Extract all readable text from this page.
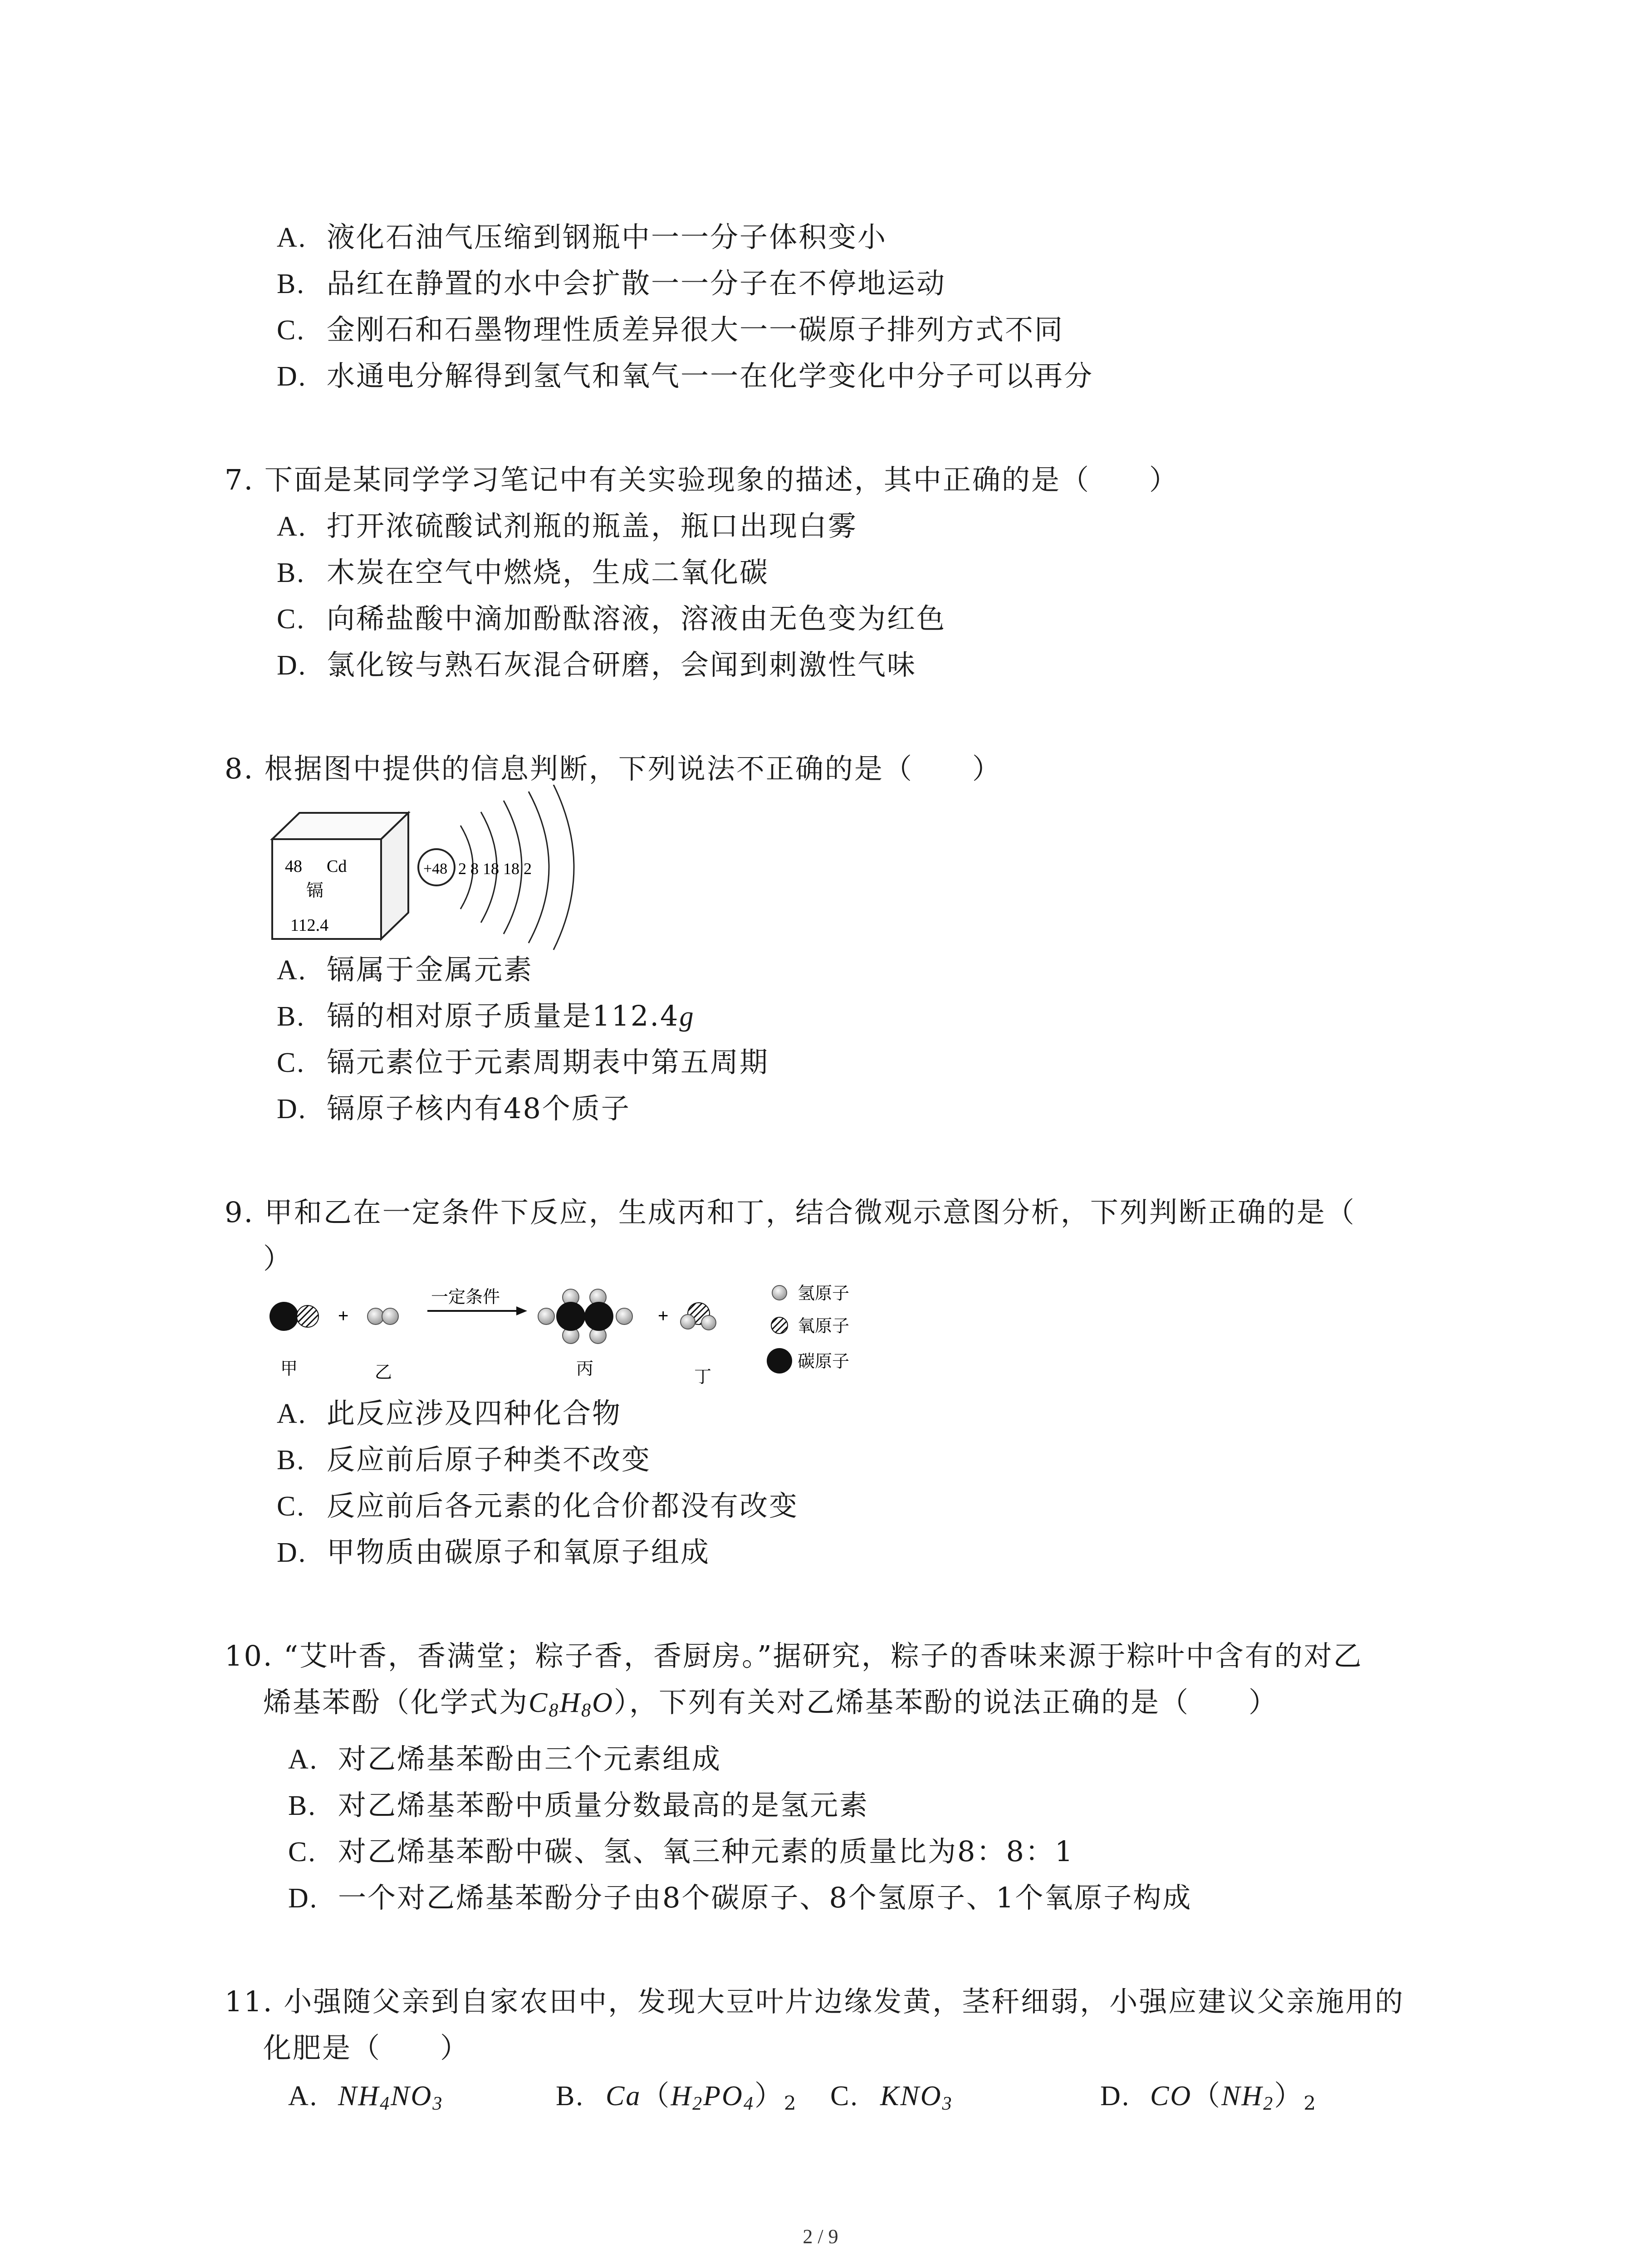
A. 液化石油气压缩到钢瓶中一一分子体积变小
B. 品红在静置的水中会扩散一一分子在不停地运动
C. 金刚石和石墨物理性质差异很大一一碳原子排列方式不同
D. 水通电分解得到氢气和氧气一一在化学变化中分子可以再分
7. 下面是某同学学习笔记中有关实验现象的描述，其中正确的是（　　）
A. 打开浓硫酸试剂瓶的瓶盖，瓶口出现白雾
B. 木炭在空气中燃烧，生成二氧化碳
C. 向稀盐酸中滴加酚酞溶液，溶液由无色变为红色
D. 氯化铵与熟石灰混合研磨，会闻到刺激性气味
8. 根据图中提供的信息判断，下列说法不正确的是（　　）
48 Cd
镉
112.4
+48 2 8 18 18 2
A. 镉属于金属元素
B. 镉的相对原子质量是112.4g
C. 镉元素位于元素周期表中第五周期
D. 镉原子核内有48个质子
9. 甲和乙在一定条件下反应，生成丙和丁，结合微观示意图分析，下列判断正确的是（
）
+
一定条件
+
甲	乙	丙	丁
氢原子
氧原子
碳原子
A. 此反应涉及四种化合物
B. 反应前后原子种类不改变
C. 反应前后各元素的化合价都没有改变
D. 甲物质由碳原子和氧原子组成
10. “艾叶香，香满堂；粽子香，香厨房。”据研究，粽子的香味来源于粽叶中含有的对乙
烯基苯酚（化学式为$C_8H_8O$），下列有关对乙烯基苯酚的说法正确的是（　　）
A. 对乙烯基苯酚由三个元素组成
B. 对乙烯基苯酚中质量分数最高的是氢元素
C. 对乙烯基苯酚中碳、氢、氧三种元素的质量比为8：8：1
D. 一个对乙烯基苯酚分子由8个碳原子、8个氢原子、1个氧原子构成
11. 小强随父亲到自家农田中，发现大豆叶片边缘发黄，茎秆细弱，小强应建议父亲施用的
化肥是（　　）
A. $NH_4NO_3$	B. $Ca(H_2PO_4)_2$ C. $KNO_3$	D. $CO(NH_2)_2$
2 / 9
